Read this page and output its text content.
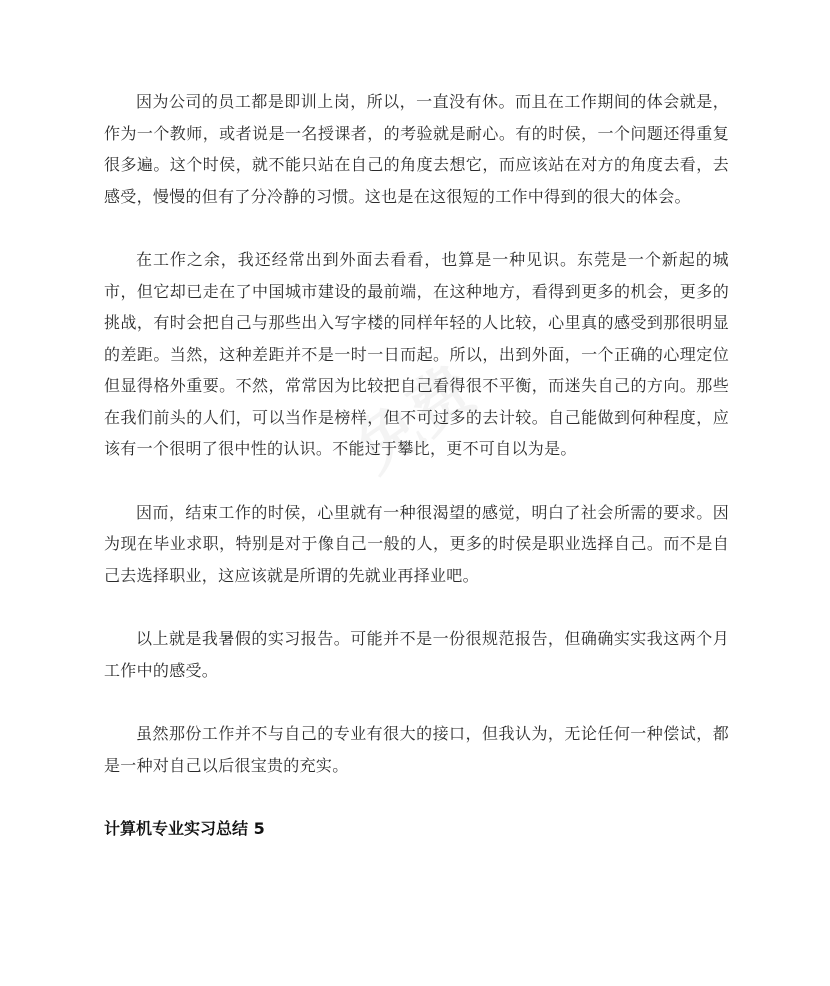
因为公司的员工都是即训上岗，所以，一直没有休。而且在工作期间的体会就是，作为一个教师，或者说是一名授课者，的考验就是耐心。有的时侯，一个问题还得重复很多遍。这个时侯，就不能只站在自己的角度去想它，而应该站在对方的角度去看，去感受，慢慢的但有了分冷静的习惯。这也是在这很短的工作中得到的很大的体会。

在工作之余，我还经常出到外面去看看，也算是一种见识。东莞是一个新起的城市，但它却已走在了中国城市建设的最前端，在这种地方，看得到更多的机会，更多的挑战，有时会把自己与那些出入写字楼的同样年轻的人比较，心里真的感受到那很明显的差距。当然，这种差距并不是一时一日而起。所以，出到外面，一个正确的心理定位但显得格外重要。不然，常常因为比较把自己看得很不平衡，而迷失自己的方向。那些在我们前头的人们，可以当作是榜样，但不可过多的去计较。自己能做到何种程度，应该有一个很明了很中性的认识。不能过于攀比，更不可自以为是。

因而，结束工作的时侯，心里就有一种很渴望的感觉，明白了社会所需的要求。因为现在毕业求职，特别是对于像自己一般的人，更多的时侯是职业选择自己。而不是自己去选择职业，这应该就是所谓的先就业再择业吧。

以上就是我暑假的实习报告。可能并不是一份很规范报告，但确确实实我这两个月工作中的感受。

虽然那份工作并不与自己的专业有很大的接口，但我认为，无论任何一种偿试，都是一种对自己以后很宝贵的充实。

计算机专业实习总结 5
